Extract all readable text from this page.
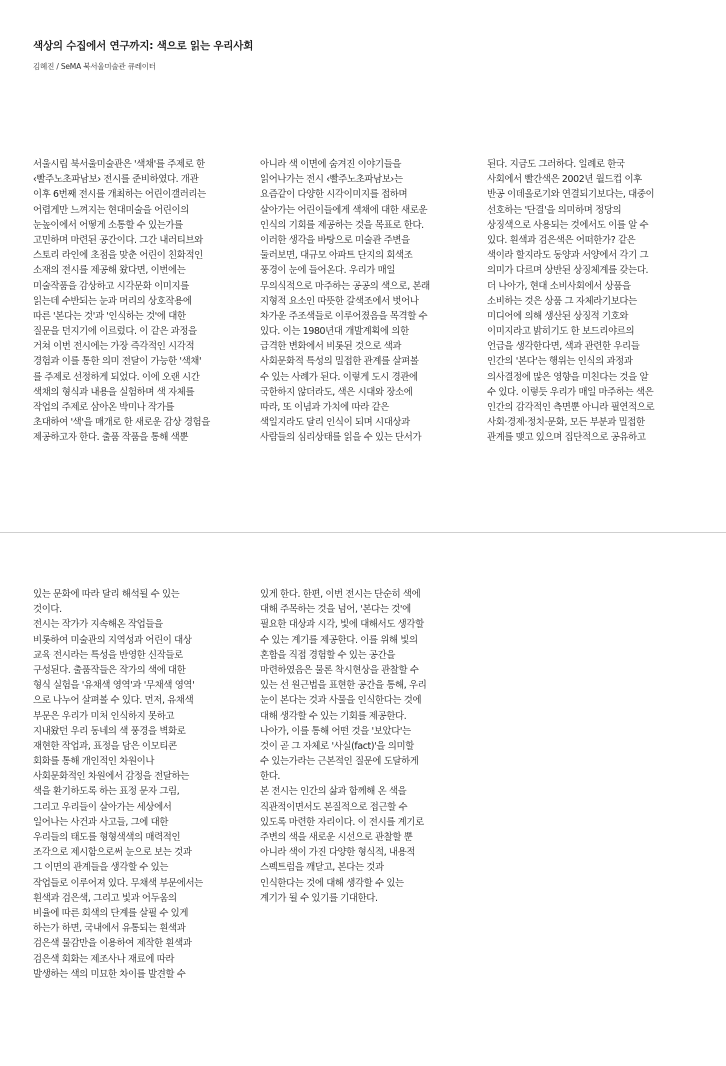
색상의 수집에서 연구까지: 색으로 읽는 우리사회
김혜진 / SeMA 북서울미술관 큐레이터
서울시립 북서울미술관은 '색채'를 주제로 한
‹빨주노초파남보› 전시를 준비하였다. 개관
이후 6번째 전시를 개최하는 어린이갤러리는
어렵게만 느껴지는 현대미술을 어린이의
눈높이에서 어떻게 소통할 수 있는가를
고민하며 마련된 공간이다. 그간 내러티브와
스토리 라인에 초점을 맞춘 어린이 친화적인
소재의 전시를 제공해 왔다면, 이번에는
미술작품을 감상하고 시각문화 이미지를
읽는데 수반되는 눈과 머리의 상호작용에
따른 '본다는 것'과 '인식하는 것'에 대한
질문을 던지기에 이르렀다. 이 같은 과정을
거쳐 이번 전시에는 가장 즉각적인 시각적
경험과 이를 통한 의미 전달이 가능한 '색채'
를 주제로 선정하게 되었다. 이에 오랜 시간
색채의 형식과 내용을 실험하며 색 자체를
작업의 주제로 삼아온 박미나 작가를
초대하여 '색'을 매개로 한 새로운 감상 경험을
제공하고자 한다. 출품 작품을 통해 색뿐
아니라 색 이면에 숨겨진 이야기들을
읽어나가는 전시 ‹빨주노초파남보›는
요즘같이 다양한 시각이미지를 접하며
살아가는 어린이들에게 색채에 대한 새로운
인식의 기회를 제공하는 것을 목표로 한다.
이러한 생각을 바탕으로 미술관 주변을
둘러보면, 대규모 아파트 단지의 회색조
풍경이 눈에 들어온다. 우리가 매일
무의식적으로 마주하는 공공의 색으로, 본래
지형적 요소인 따뜻한 갈색조에서 벗어나
차가운 주조색들로 이루어졌음을 목격할 수
있다. 이는 1980년대 개발계획에 의한
급격한 변화에서 비롯된 것으로 색과
사회문화적 특성의 밀접한 관계를 살펴볼
수 있는 사례가 된다. 이렇게 도시 경관에
국한하지 않더라도, 색은 시대와 장소에
따라, 또 이념과 가치에 따라 같은
색일지라도 달리 인식이 되며 시대상과
사람들의 심리상태를 읽을 수 있는 단서가
된다. 지금도 그러하다. 일례로 한국
사회에서 빨간색은 2002년 월드컵 이후
반공 이데올로기와 연결되기보다는, 대중이
선호하는 '단결'을 의미하며 정당의
상징색으로 사용되는 것에서도 이를 알 수
있다. 흰색과 검은색은 어떠한가? 같은
색이라 할지라도 동양과 서양에서 각기 그
의미가 다르며 상반된 상징체계를 갖는다.
더 나아가, 현대 소비사회에서 상품을
소비하는 것은 상품 그 자체라기보다는
미디어에 의해 생산된 상징적 기호와
이미지라고 밝히기도 한 보드리야르의
언급을 생각한다면, 색과 관련한 우리들
인간의 '본다'는 행위는 인식의 과정과
의사결정에 많은 영향을 미친다는 것을 알
수 있다. 이렇듯 우리가 매일 마주하는 색은
인간의 감각적인 측면뿐 아니라 필연적으로
사회·경제·정치·문화, 모든 부분과 밀접한
관계를 맺고 있으며 집단적으로 공유하고
있는 문화에 따라 달리 해석될 수 있는
것이다.
전시는 작가가 지속해온 작업들을
비롯하여 미술관의 지역성과 어린이 대상
교육 전시라는 특성을 반영한 신작들로
구성된다. 출품작들은 작가의 색에 대한
형식 실험을 '유채색 영역'과 '무채색 영역'
으로 나누어 살펴볼 수 있다. 먼저, 유채색
부문은 우리가 미처 인식하지 못하고
지내왔던 우리 동네의 색 풍경을 벽화로
재현한 작업과, 표정을 담은 이모티콘
회화를 통해 개인적인 차원이나
사회문화적인 차원에서 감정을 전달하는
색을 환기하도록 하는 표정 문자 그림,
그리고 우리들이 살아가는 세상에서
일어나는 사건과 사고들, 그에 대한
우리들의 태도를 형형색색의 매력적인
조각으로 제시함으로써 눈으로 보는 것과
그 이면의 관계들을 생각할 수 있는
작업들로 이루어져 있다. 무채색 부문에서는
흰색과 검은색, 그리고 빛과 어두움의
비율에 따른 회색의 단계를 살필 수 있게
하는가 하면, 국내에서 유통되는 흰색과
검은색 물감만을 이용하여 제작한 흰색과
검은색 회화는 제조사나 재료에 따라
발생하는 색의 미묘한 차이를 발견할 수
있게 한다. 한편, 이번 전시는 단순히 색에
대해 주목하는 것을 넘어, '본다는 것'에
필요한 대상과 시각, 빛에 대해서도 생각할
수 있는 계기를 제공한다. 이를 위해 빛의
혼합을 직접 경험할 수 있는 공간을
마련하였음은 물론 착시현상을 관찰할 수
있는 선 원근법을 표현한 공간을 통해, 우리
눈이 본다는 것과 사물을 인식한다는 것에
대해 생각할 수 있는 기회를 제공한다.
나아가, 이를 통해 어떤 것을 '보았다'는
것이 곧 그 자체로 '사실(fact)'을 의미할
수 있는가라는 근본적인 질문에 도달하게
한다.
본 전시는 인간의 삶과 함께해 온 색을
직관적이면서도 본질적으로 접근할 수
있도록 마련한 자리이다. 이 전시를 계기로
주변의 색을 새로운 시선으로 관찰할 뿐
아니라 색이 가진 다양한 형식적, 내용적
스펙트럼을 깨닫고, 본다는 것과
인식한다는 것에 대해 생각할 수 있는
계기가 될 수 있기를 기대한다.
